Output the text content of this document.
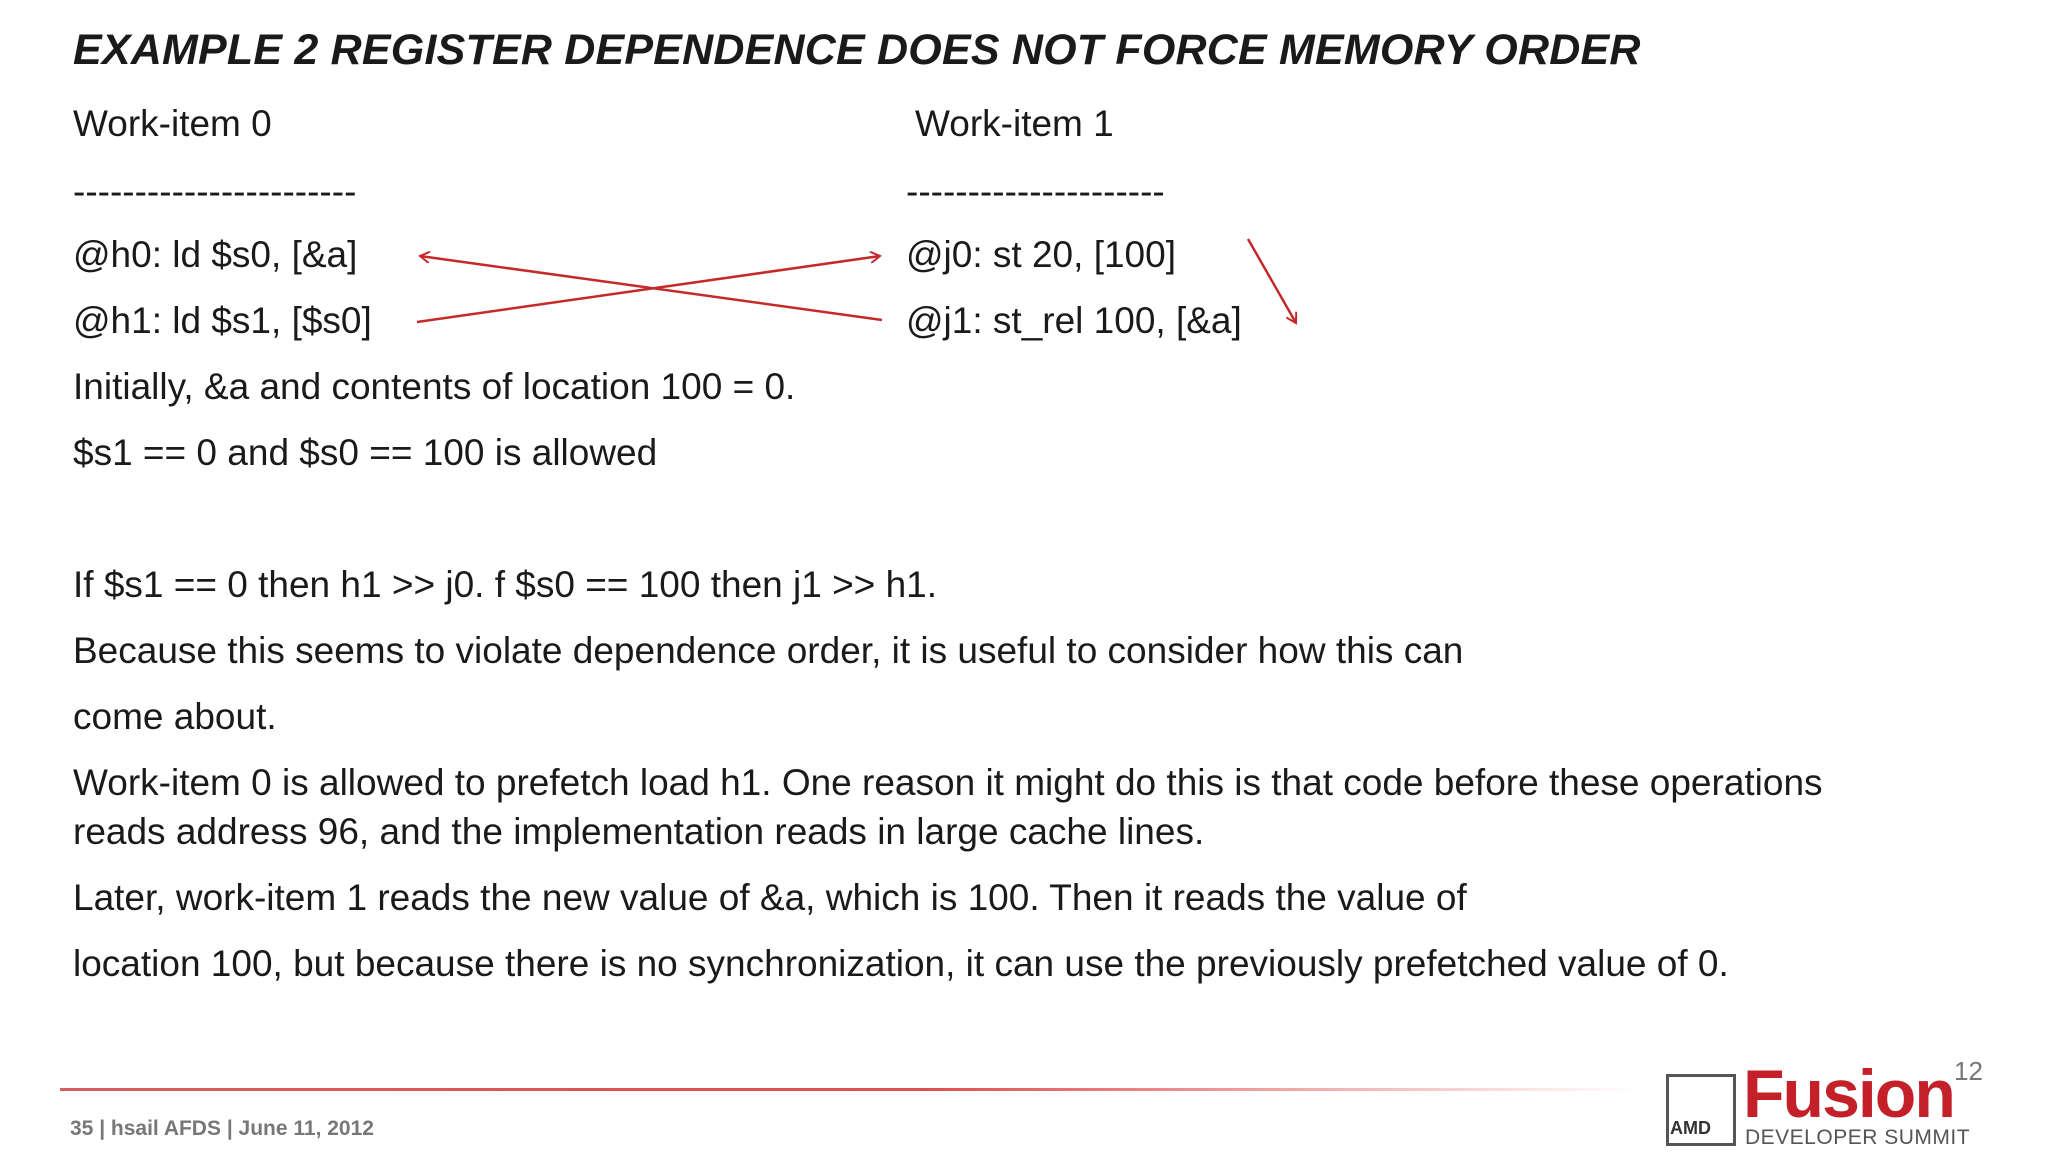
EXAMPLE 2 REGISTER DEPENDENCE DOES NOT FORCE MEMORY ORDER
Work-item 0
-----------------------
@h0: ld $s0, [&a]
@h1: ld $s1, [$s0]
Work-item 1
---------------------
@j0: st 20, [100]
@j1: st_rel 100, [&a]
Initially, &a and contents of location 100 = 0.
$s1 == 0 and $s0 == 100 is allowed
If $s1 == 0 then h1 >> j0. f $s0 == 100 then j1 >> h1.
Because this seems to violate dependence order, it is useful to consider how this can
come about.
Work-item 0 is allowed to prefetch load h1. One reason it might do this is that code before these operations
reads address 96, and the implementation reads in large cache lines.
Later, work-item 1 reads the new value of &a, which is 100. Then it reads the value of
location 100, but because there is no synchronization, it can use the previously prefetched value of 0.
35 | hsail AFDS | June 11, 2012	AMD Fusion 12
DEVELOPER SUMMIT
